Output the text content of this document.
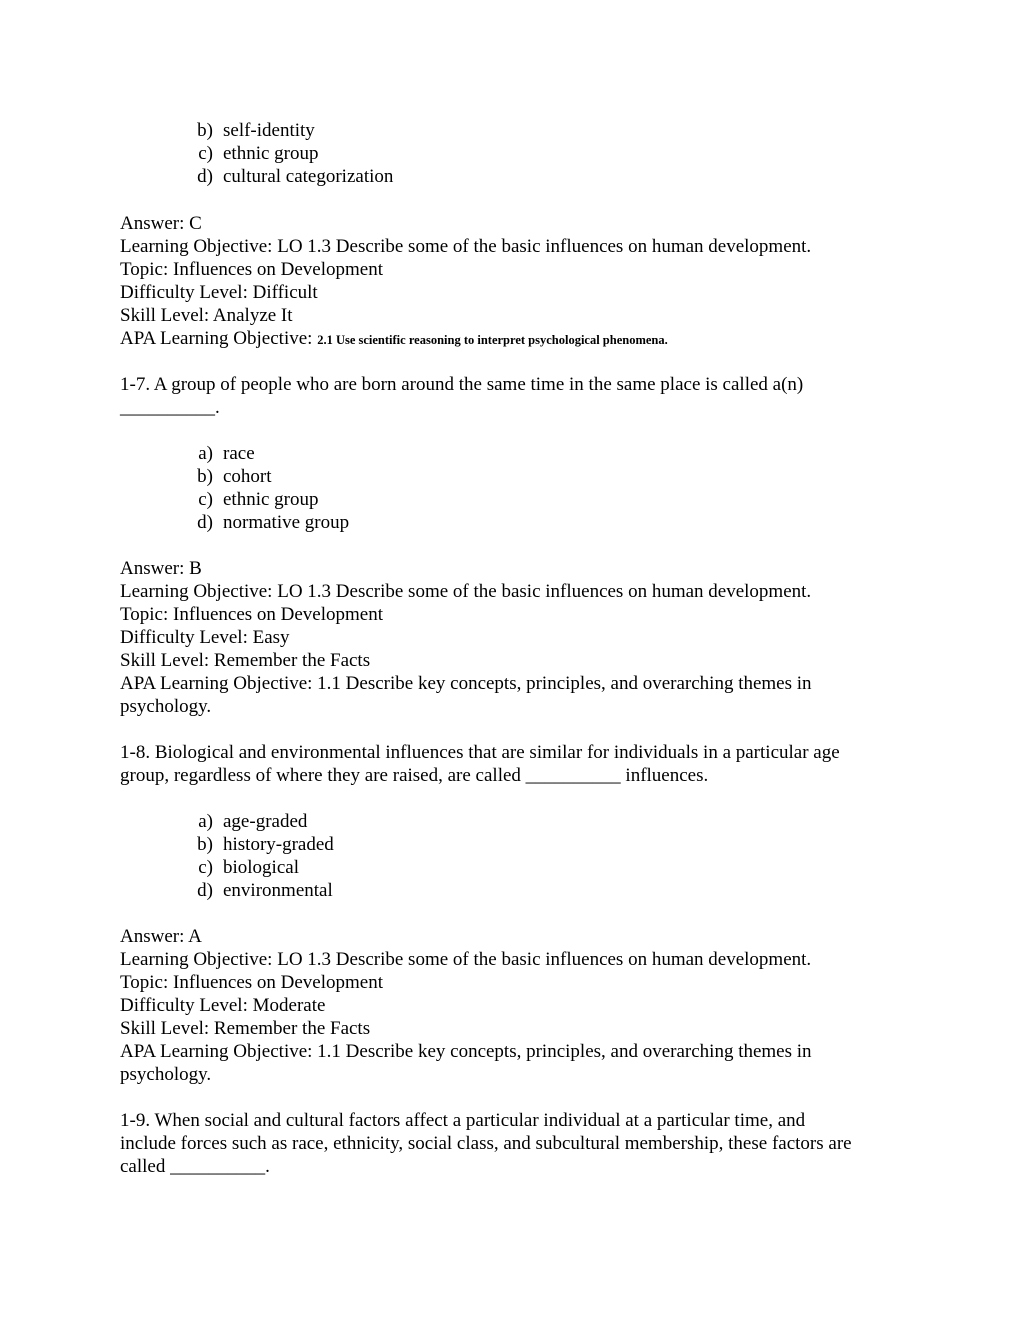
b) self-identity
c) ethnic group
d) cultural categorization
Answer: C
Learning Objective: LO 1.3 Describe some of the basic influences on human development.
Topic: Influences on Development
Difficulty Level: Difficult
Skill Level: Analyze It
APA Learning Objective: 2.1 Use scientific reasoning to interpret psychological phenomena.
1-7. A group of people who are born around the same time in the same place is called a(n)
__________.
a) race
b) cohort
c) ethnic group
d) normative group
Answer: B
Learning Objective: LO 1.3 Describe some of the basic influences on human development.
Topic: Influences on Development
Difficulty Level: Easy
Skill Level: Remember the Facts
APA Learning Objective: 1.1 Describe key concepts, principles, and overarching themes in
psychology.
1-8. Biological and environmental influences that are similar for individuals in a particular age
group, regardless of where they are raised, are called __________ influences.
a) age-graded
b) history-graded
c) biological
d) environmental
Answer: A
Learning Objective: LO 1.3 Describe some of the basic influences on human development.
Topic: Influences on Development
Difficulty Level: Moderate
Skill Level: Remember the Facts
APA Learning Objective: 1.1 Describe key concepts, principles, and overarching themes in
psychology.
1-9. When social and cultural factors affect a particular individual at a particular time, and
include forces such as race, ethnicity, social class, and subcultural membership, these factors are
called __________.
